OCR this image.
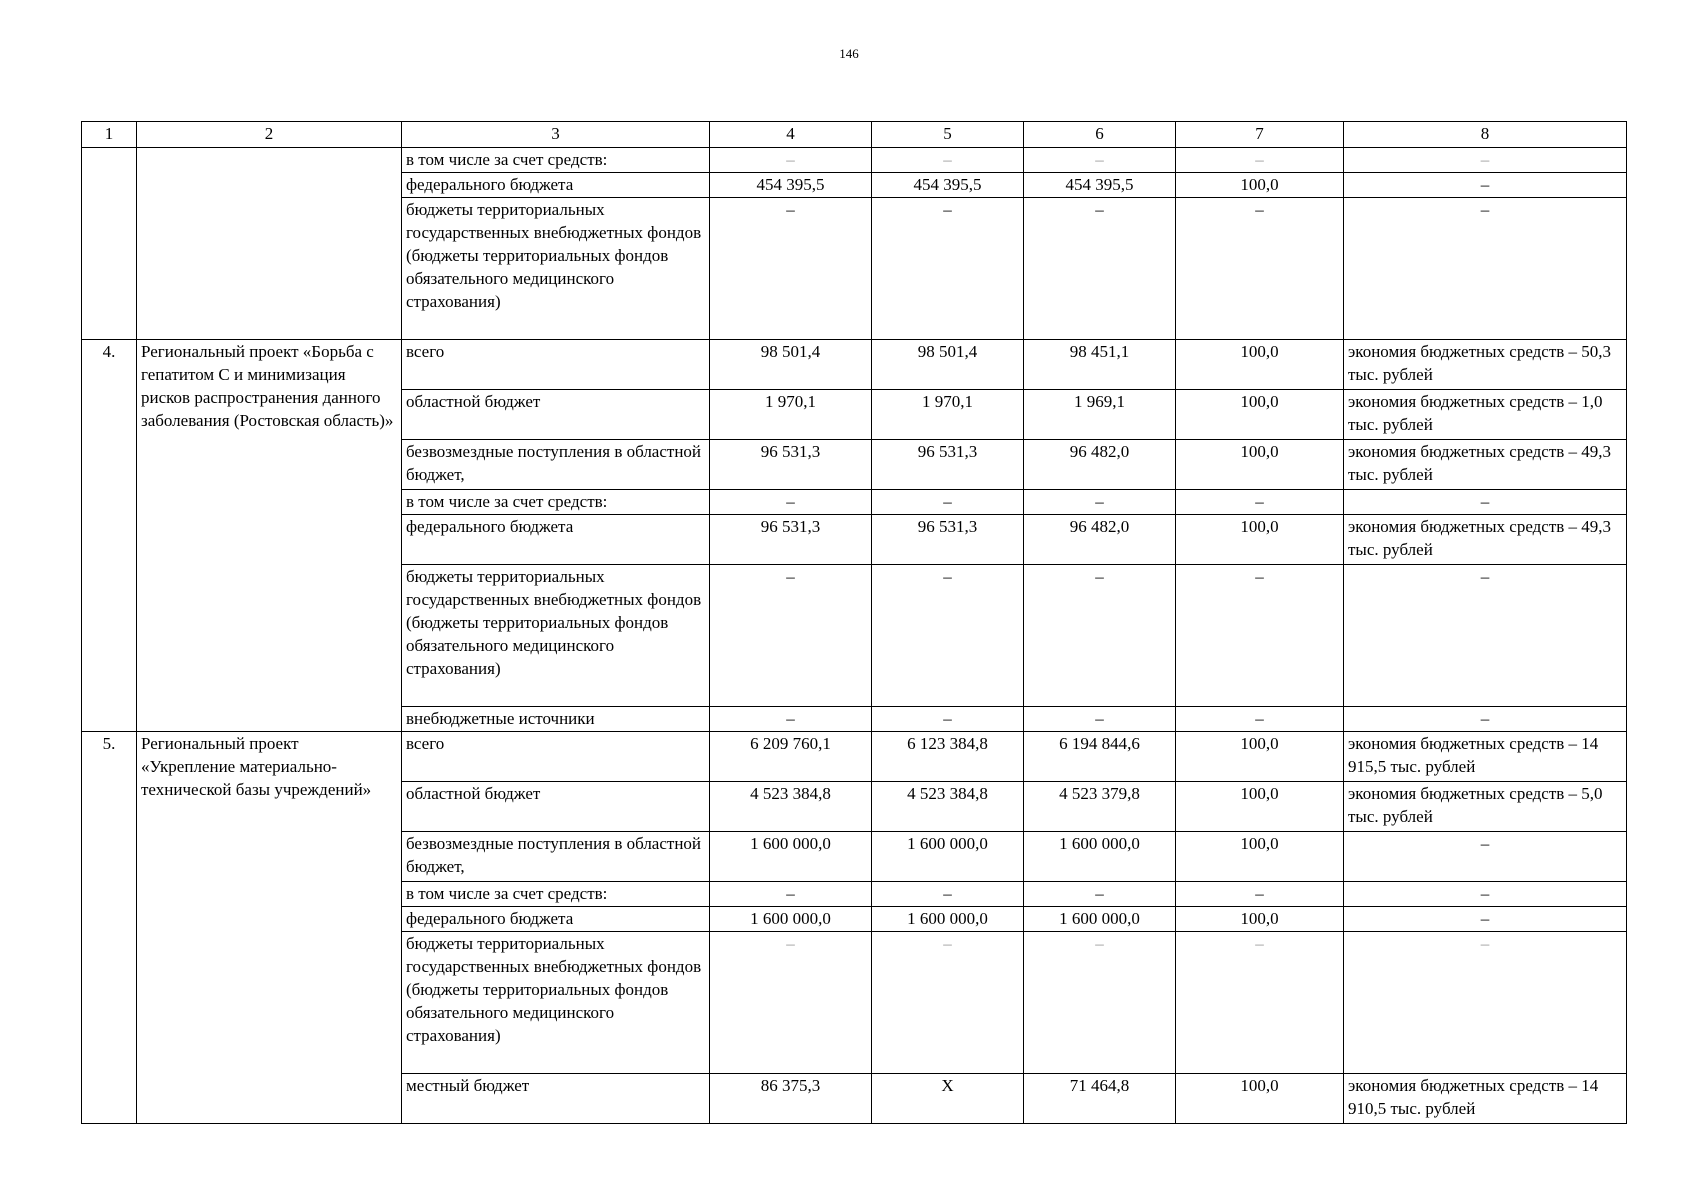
146
1	2	3	4	5	6	7	8
		в том числе за счет средств:	–	–	–	–	–
		федерального бюджета	454 395,5	454 395,5	454 395,5	100,0	–
		бюджеты территориальных государственных внебюджетных фондов (бюджеты территориальных фондов обязательного медицинского страхования)	–	–	–	–	–
4.	Региональный проект «Борьба с гепатитом С и минимизация рисков распространения данного заболевания (Ростовская область)»	всего	98 501,4	98 501,4	98 451,1	100,0	экономия бюджетных средств – 50,3 тыс. рублей
		областной бюджет	1 970,1	1 970,1	1 969,1	100,0	экономия бюджетных средств – 1,0 тыс. рублей
		безвозмездные поступления в областной бюджет,	96 531,3	96 531,3	96 482,0	100,0	экономия бюджетных средств – 49,3 тыс. рублей
		в том числе за счет средств:	–	–	–	–	–
		федерального бюджета	96 531,3	96 531,3	96 482,0	100,0	экономия бюджетных средств – 49,3 тыс. рублей
		бюджеты территориальных государственных внебюджетных фондов (бюджеты территориальных фондов обязательного медицинского страхования)	–	–	–	–	–
		внебюджетные источники	–	–	–	–	–
5.	Региональный проект «Укрепление материально-технической базы учреждений»	всего	6 209 760,1	6 123 384,8	6 194 844,6	100,0	экономия бюджетных средств – 14 915,5 тыс. рублей
		областной бюджет	4 523 384,8	4 523 384,8	4 523 379,8	100,0	экономия бюджетных средств – 5,0 тыс. рублей
		безвозмездные поступления в областной бюджет,	1 600 000,0	1 600 000,0	1 600 000,0	100,0	–
		в том числе за счет средств:	–	–	–	–	–
		федерального бюджета	1 600 000,0	1 600 000,0	1 600 000,0	100,0	–
		бюджеты территориальных государственных внебюджетных фондов (бюджеты территориальных фондов обязательного медицинского страхования)	–	–	–	–	–
		местный бюджет	86 375,3	X	71 464,8	100,0	экономия бюджетных средств – 14 910,5 тыс. рублей
